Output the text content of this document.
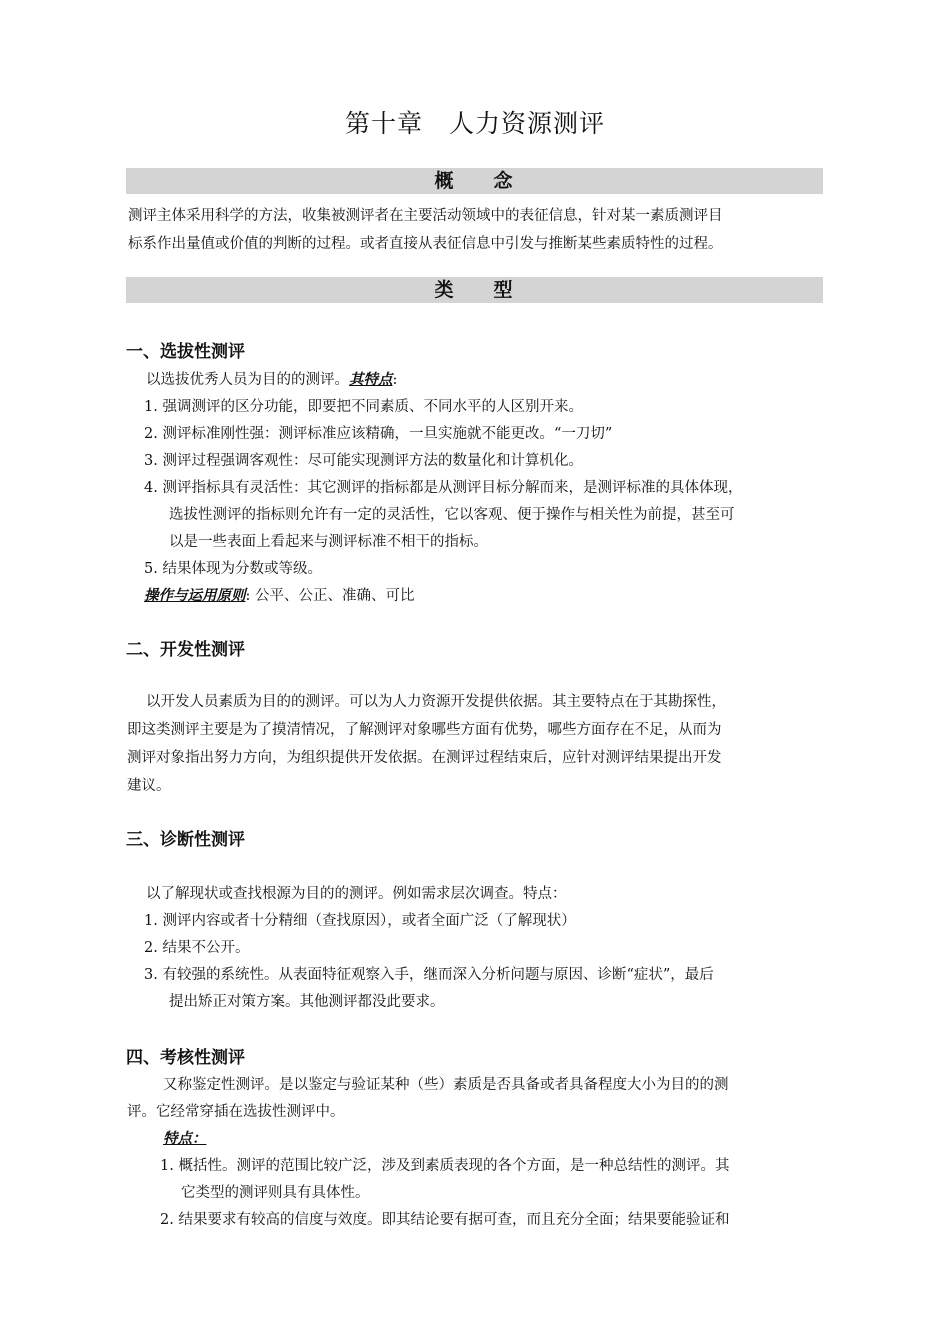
第十章　人力资源测评
概 念
测评主体采用科学的方法，收集被测评者在主要活动领域中的表征信息，针对某一素质测评目
标系作出量值或价值的判断的过程。或者直接从表征信息中引发与推断某些素质特性的过程。
类 型
一、选拔性测评
以选拔优秀人员为目的的测评。其特点:
1. 强调测评的区分功能，即要把不同素质、不同水平的人区别开来。
2. 测评标准刚性强：测评标准应该精确，一旦实施就不能更改。“一刀切”
3. 测评过程强调客观性：尽可能实现测评方法的数量化和计算机化。
4. 测评指标具有灵活性：其它测评的指标都是从测评目标分解而来，是测评标准的具体体现，
选拔性测评的指标则允许有一定的灵活性，它以客观、便于操作与相关性为前提，甚至可
以是一些表面上看起来与测评标准不相干的指标。
5. 结果体现为分数或等级。
操作与运用原则: 公平、公正、准确、可比
二、开发性测评
以开发人员素质为目的的测评。可以为人力资源开发提供依据。其主要特点在于其勘探性，
即这类测评主要是为了摸清情况，了解测评对象哪些方面有优势，哪些方面存在不足，从而为
测评对象指出努力方向，为组织提供开发依据。在测评过程结束后，应针对测评结果提出开发
建议。
三、诊断性测评
以了解现状或查找根源为目的的测评。例如需求层次调查。特点：
1. 测评内容或者十分精细（查找原因），或者全面广泛（了解现状）
2. 结果不公开。
3. 有较强的系统性。从表面特征观察入手，继而深入分析问题与原因、诊断“症状”，最后
提出矫正对策方案。其他测评都没此要求。
四、考核性测评
又称鉴定性测评。是以鉴定与验证某种（些）素质是否具备或者具备程度大小为目的的测
评。它经常穿插在选拔性测评中。
特点：
1. 概括性。测评的范围比较广泛，涉及到素质表现的各个方面，是一种总结性的测评。其
它类型的测评则具有具体性。
2. 结果要求有较高的信度与效度。即其结论要有据可查，而且充分全面；结果要能验证和
